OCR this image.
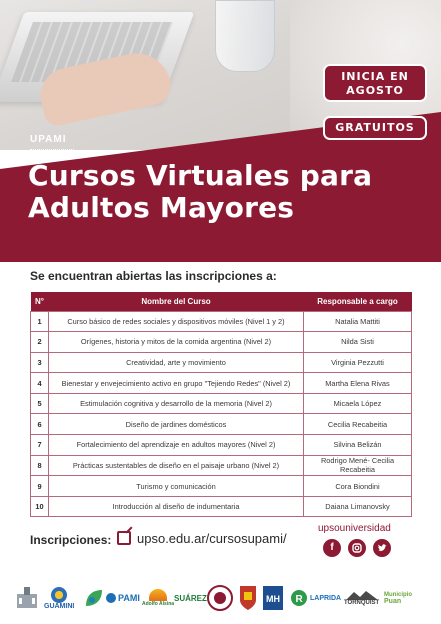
INICIA EN AGOSTO
GRATUITOS
UPAMI
Cursos Virtuales para
Adultos Mayores
Se encuentran abiertas las inscripciones a:
N°	Nombre del Curso	Responsable a cargo
1	Curso básico de redes sociales y dispositivos móviles (Nivel 1 y 2)	Natalia Mattiti
2	Orígenes, historia y mitos de la comida argentina (Nivel 2)	Nilda Sisti
3	Creatividad, arte y movimiento	Virginia Pezzutti
4	Bienestar y envejecimiento activo en grupo "Tejiendo Redes" (Nivel 2)	Martha Elena Rivas
5	Estimulación cognitiva y desarrollo de la memoria (Nivel 2)	Micaela López
6	Diseño de jardines domésticos	Cecilia Recabeitia
7	Fortalecimiento del aprendizaje en adultos mayores (Nivel 2)	Silvina Belizán
8	Prácticas sustentables de diseño en el paisaje urbano (Nivel 2)	Rodrigo Mené- Cecilia Recabeitia
9	Turismo y comunicación	Cora Biondini
10	Introducción al diseño de indumentaria	Daiana Limanovsky
Inscripciones: upso.edu.ar/cursosupami/
upsouniversidad
f
GUAMINI
PAMI
Adolfo Alsina
SUÁREZ	MH R LAPRIDA
TORNQUIST
Municipio
Puan
